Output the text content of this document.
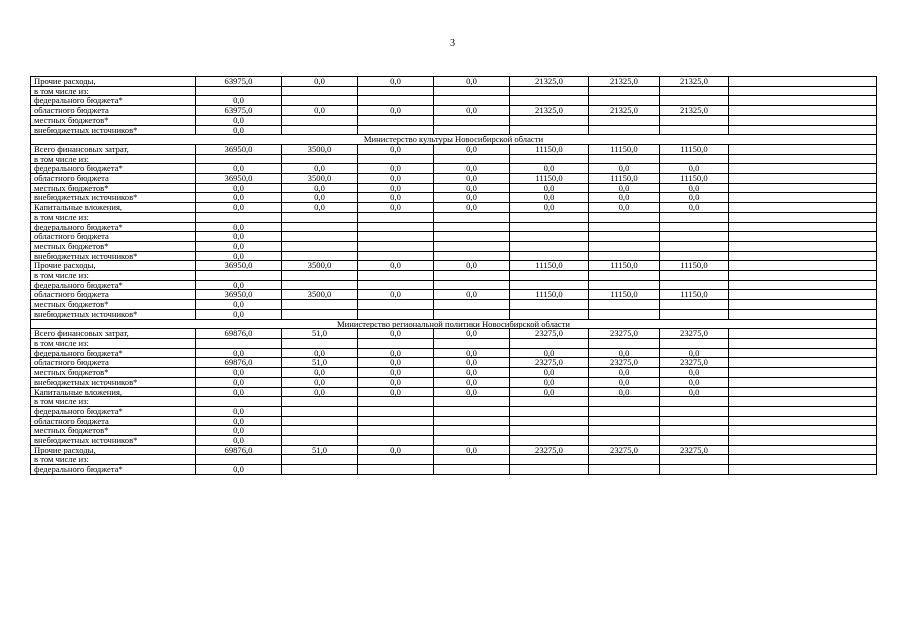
3
Прочие расходы,	63975,0	0,0	0,0	0,0	21325,0	21325,0	21325,0		
в том числе из:									
федерального бюджета*	0,0								
областного бюджета	63975,0	0,0	0,0	0,0	21325,0	21325,0	21325,0		
местных бюджетов*	0,0								
внебюджетных источников*	0,0								
Министерство культуры Новосибирской области									
Всего финансовых затрат,	36950,0	3500,0	0,0	0,0	11150,0	11150,0	11150,0		
в том числе из:									
федерального бюджета*	0,0	0,0	0,0	0,0	0,0	0,0	0,0		
областного бюджета	36950,0	3500,0	0,0	0,0	11150,0	11150,0	11150,0		
местных бюджетов*	0,0	0,0	0,0	0,0	0,0	0,0	0,0		
внебюджетных источников*	0,0	0,0	0,0	0,0	0,0	0,0	0,0		
Капитальные вложения,	0,0	0,0	0,0	0,0	0,0	0,0	0,0		
в том числе из:									
федерального бюджета*	0,0								
областного бюджета	0,0								
местных бюджетов*	0,0								
внебюджетных источников*	0,0								
Прочие расходы,	36950,0	3500,0	0,0	0,0	11150,0	11150,0	11150,0		
в том числе из:									
федерального бюджета*	0,0								
областного бюджета	36950,0	3500,0	0,0	0,0	11150,0	11150,0	11150,0		
местных бюджетов*	0,0								
внебюджетных источников*	0,0								
Министерство региональной политики Новосибирской области									
Всего финансовых затрат,	69876,0	51,0	0,0	0,0	23275,0	23275,0	23275,0		
в том числе из:									
федерального бюджета*	0,0	0,0	0,0	0,0	0,0	0,0	0,0		
областного бюджета	69876,0	51,0	0,0	0,0	23275,0	23275,0	23275,0		
местных бюджетов*	0,0	0,0	0,0	0,0	0,0	0,0	0,0		
внебюджетных источников*	0,0	0,0	0,0	0,0	0,0	0,0	0,0		
Капитальные вложения,	0,0	0,0	0,0	0,0	0,0	0,0	0,0		
в том числе из:									
федерального бюджета*	0,0								
областного бюджета	0,0								
местных бюджетов*	0,0								
внебюджетных источников*	0,0								
Прочие расходы,	69876,0	51,0	0,0	0,0	23275,0	23275,0	23275,0		
в том числе из:									
федерального бюджета*	0,0								
